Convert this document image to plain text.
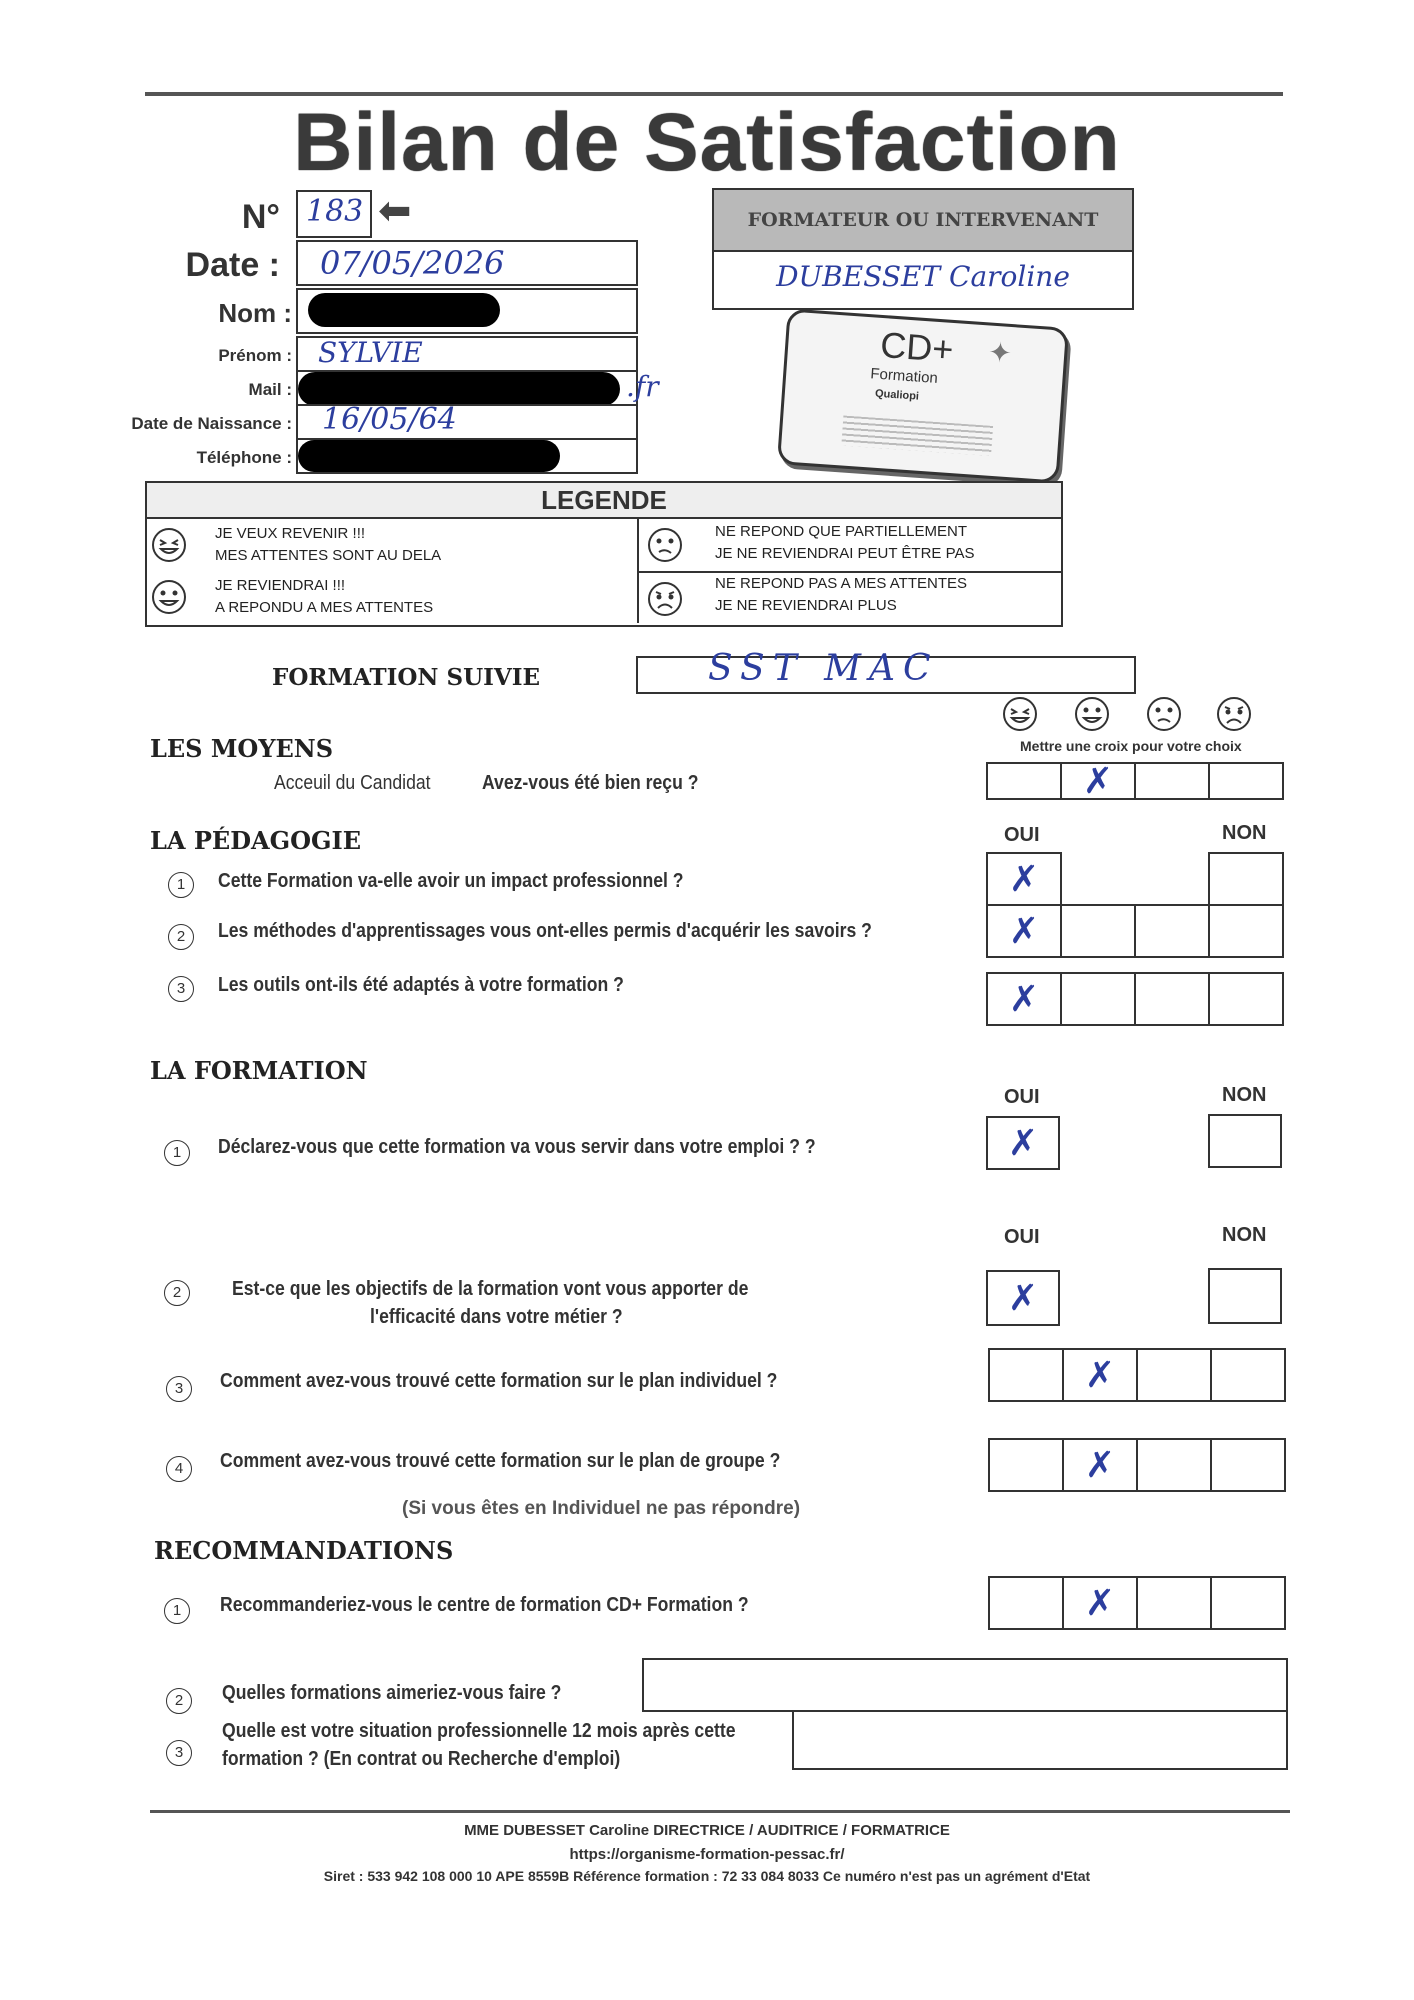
Bilan de Satisfaction
N° 183 ⬅
Date : 07/05/2026
Nom :
Prénom : SYLVIE
Mail :	.fr
Date de Naissance : 16/05/64
Téléphone :
FORMATEUR OU INTERVENANT
DUBESSET Caroline
CD+
Formation
Qualiopi
✦
LEGENDE
JE VEUX REVENIR !!!
MES ATTENTES SONT AU DELA
NE REPOND QUE PARTIELLEMENT
JE NE REVIENDRAI PEUT ÊTRE PAS
JE REVIENDRAI !!!
A REPONDU A MES ATTENTES
NE REPOND PAS A MES ATTENTES
JE NE REVIENDRAI PLUS
FORMATION SUIVIE	SST MAC
Mettre une croix pour votre choix
LES MOYENS
Acceuil du Candidat	Avez-vous été bien reçu ?	✗
LA PÉDAGOGIE	OUI	NON
1	Cette Formation va-elle avoir un impact professionnel ?	✗
2	Les méthodes d'apprentissages vous ont-elles permis d'acquérir les savoirs ?	✗
3	Les outils ont-ils été adaptés à votre formation ?	✗
LA FORMATION
OUI	NON
1	Déclarez-vous que cette formation va vous servir dans votre emploi ? ?	✗
OUI	NON
2	Est-ce que les objectifs de la formation vont vous apporter de
l'efficacité dans votre métier ?	✗
3	Comment avez-vous trouvé cette formation sur le plan individuel ?	✗
4	Comment avez-vous trouvé cette formation sur le plan de groupe ?	✗
(Si vous êtes en Individuel ne pas répondre)
RECOMMANDATIONS
1	Recommanderiez-vous le centre de formation CD+ Formation ?	✗
2	Quelles formations aimeriez-vous faire ?
3
Quelle est votre situation professionnelle 12 mois après cette
formation ? (En contrat ou Recherche d'emploi)
MME DUBESSET Caroline DIRECTRICE / AUDITRICE / FORMATRICE
https://organisme-formation-pessac.fr/
Siret : 533 942 108 000 10 APE 8559B Référence formation : 72 33 084 8033 Ce numéro n'est pas un agrément d'Etat
